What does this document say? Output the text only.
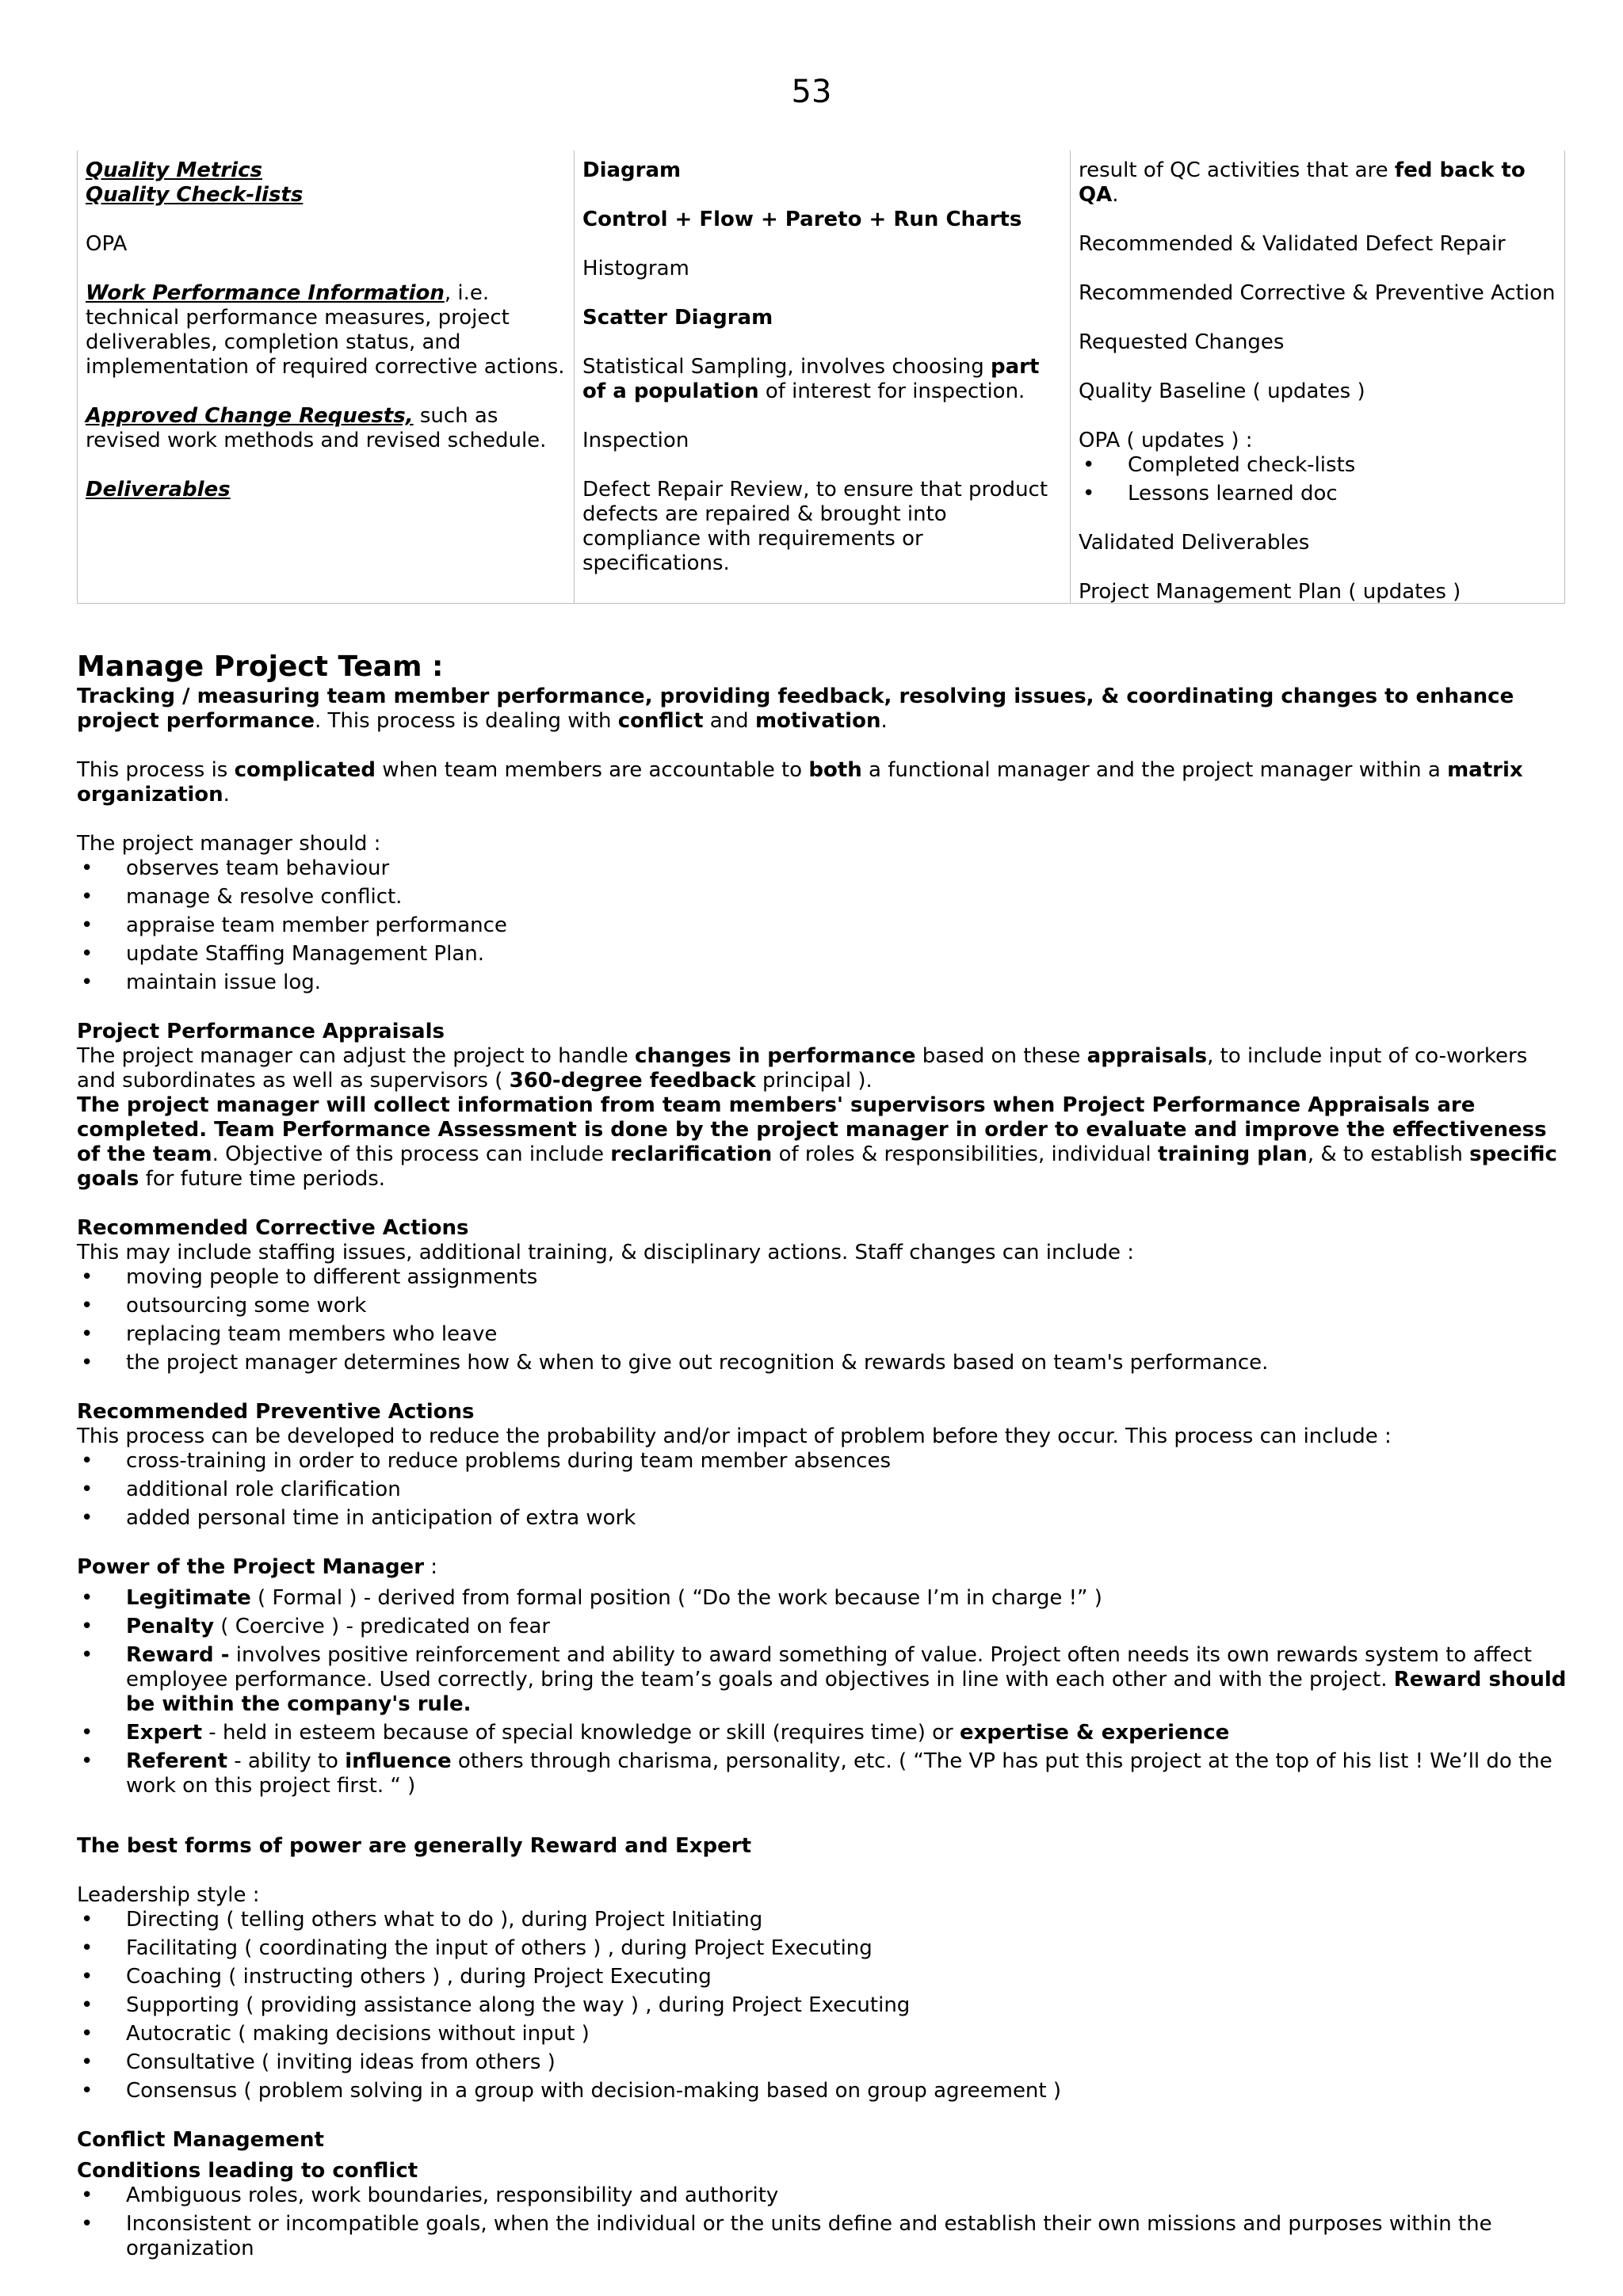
53

Quality Metrics

Quality Check-lists

OPA

Work Performance Information, i.e. technical performance measures, project deliverables, completion status, and implementation of required corrective actions.

Approved Change Requests, such as revised work methods and revised schedule.

Deliverables

Diagram

Control + Flow + Pareto + Run Charts

Histogram

Scatter Diagram

Statistical Sampling, involves choosing part of a population of interest for inspection.

Inspection

Defect Repair Review, to ensure that product defects are repaired & brought into compliance with requirements or specifications.

result of QC activities that are fed back to QA.

Recommended & Validated Defect Repair

Recommended Corrective & Preventive Action

Requested Changes

Quality Baseline ( updates )

OPA ( updates ) :

• Completed check-lists
• Lessons learned doc

Validated Deliverables

Project Management Plan ( updates )

Manage Project Team :

Tracking / measuring team member performance, providing feedback, resolving issues, & coordinating changes to enhance project performance. This process is dealing with conflict and motivation.

This process is complicated when team members are accountable to both a functional manager and the project manager within a matrix organization.

The project manager should :

• observes team behaviour
• manage & resolve conflict.
• appraise team member performance
• update Staffing Management Plan.
• maintain issue log.

Project Performance Appraisals

The project manager can adjust the project to handle changes in performance based on these appraisals, to include input of co-workers and subordinates as well as supervisors ( 360-degree feedback principal ).

The project manager will collect information from team members' supervisors when Project Performance Appraisals are completed. Team Performance Assessment is done by the project manager in order to evaluate and improve the effectiveness of the team. Objective of this process can include reclarification of roles & responsibilities, individual training plan, & to establish specific goals for future time periods.

Recommended Corrective Actions

This may include staffing issues, additional training, & disciplinary actions. Staff changes can include :

• moving people to different assignments
• outsourcing some work
• replacing team members who leave
• the project manager determines how & when to give out recognition & rewards based on team's performance.

Recommended Preventive Actions

This process can be developed to reduce the probability and/or impact of problem before they occur. This process can include :

• cross-training in order to reduce problems during team member absences
• additional role clarification
• added personal time in anticipation of extra work

Power of the Project Manager :

• Legitimate ( Formal ) - derived from formal position ( “Do the work because I’m in charge !” )
• Penalty ( Coercive ) - predicated on fear
• Reward - involves positive reinforcement and ability to award something of value. Project often needs its own rewards system to affect employee performance. Used correctly, bring the team’s goals and objectives in line with each other and with the project. Reward should be within the company's rule.
• Expert - held in esteem because of special knowledge or skill (requires time) or expertise & experience
• Referent - ability to influence others through charisma, personality, etc. ( “The VP has put this project at the top of his list ! We’ll do the work on this project first. “ )

The best forms of power are generally Reward and Expert

Leadership style :

• Directing ( telling others what to do ), during Project Initiating
• Facilitating ( coordinating the input of others ) , during Project Executing
• Coaching ( instructing others ) , during Project Executing
• Supporting ( providing assistance along the way ) , during Project Executing
• Autocratic ( making decisions without input )
• Consultative ( inviting ideas from others )
• Consensus ( problem solving in a group with decision-making based on group agreement )

Conflict Management

Conditions leading to conflict

• Ambiguous roles, work boundaries, responsibility and authority
• Inconsistent or incompatible goals, when the individual or the units define and establish their own missions and purposes within the organization
